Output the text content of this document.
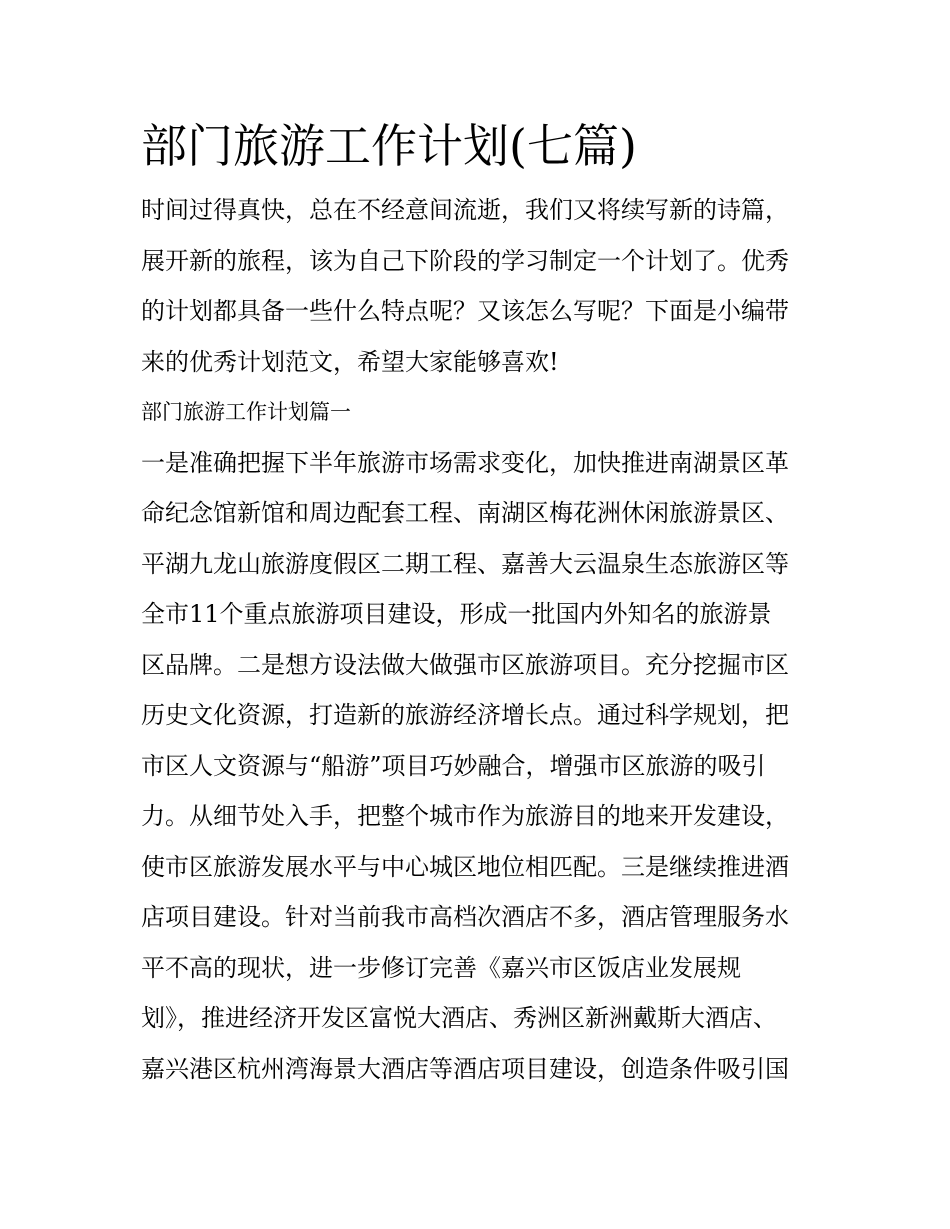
部门旅游工作计划(七篇)
时间过得真快，总在不经意间流逝，我们又将续写新的诗篇，
展开新的旅程，该为自己下阶段的学习制定一个计划了。优秀
的计划都具备一些什么特点呢？又该怎么写呢？下面是小编带
来的优秀计划范文，希望大家能够喜欢!
部门旅游工作计划篇一
一是准确把握下半年旅游市场需求变化，加快推进南湖景区革
命纪念馆新馆和周边配套工程、南湖区梅花洲休闲旅游景区、
平湖九龙山旅游度假区二期工程、嘉善大云温泉生态旅游区等
全市11个重点旅游项目建设，形成一批国内外知名的旅游景
区品牌。二是想方设法做大做强市区旅游项目。充分挖掘市区
历史文化资源，打造新的旅游经济增长点。通过科学规划，把
市区人文资源与“船游”项目巧妙融合，增强市区旅游的吸引
力。从细节处入手，把整个城市作为旅游目的地来开发建设，
使市区旅游发展水平与中心城区地位相匹配。三是继续推进酒
店项目建设。针对当前我市高档次酒店不多，酒店管理服务水
平不高的现状，进一步修订完善《嘉兴市区饭店业发展规
划》，推进经济开发区富悦大酒店、秀洲区新洲戴斯大酒店、
嘉兴港区杭州湾海景大酒店等酒店项目建设，创造条件吸引国
